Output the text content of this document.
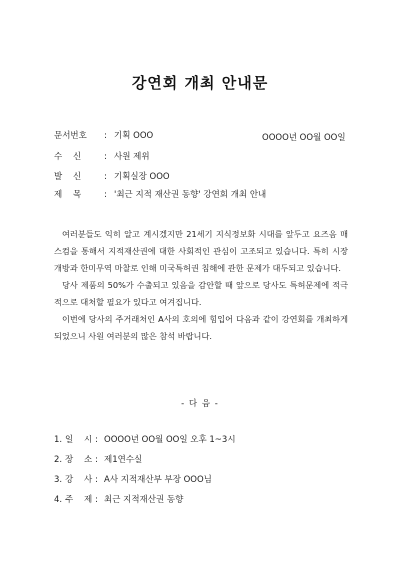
강연회 개최 안내문
문서번호 : 기획 OOO	OOOO년 OO월 OO일
수    신	: 사원 제위
발    신	: 기획실장 OOO
제    목	: '최근 지적 재산권 동향' 강연회 개최 안내

여러분들도 익히 알고 계시겠지만 21세기 지식정보화 시대를 앞두고 요즈음 매스컴을 통해서 지적재산권에 대한 사회적인 관심이 고조되고 있습니다. 특히 시장개방과 한미무역 마찰로 인해 미국특허권 침해에 관한 문제가 대두되고 있습니다.

당사 제품의 50%가 수출되고 있음을 감안할 때 앞으로 당사도 특허문제에 적극적으로 대처할 필요가 있다고 여겨집니다.

이번에 당사의 주거래처인 A사의 호의에 힘입어 다음과 같이 강연회를 개최하게 되었으니 사원 여러분의 많은 참석 바랍니다.

- 다 음 -
1. 일    시 : OOOO년 OO월 OO일 오후 1~3시
2. 장    소 : 제1연수실
3. 강    사 : A사 지적재산부 부장 OOO님
4. 주    제 : 최근 지적재산권 동향
